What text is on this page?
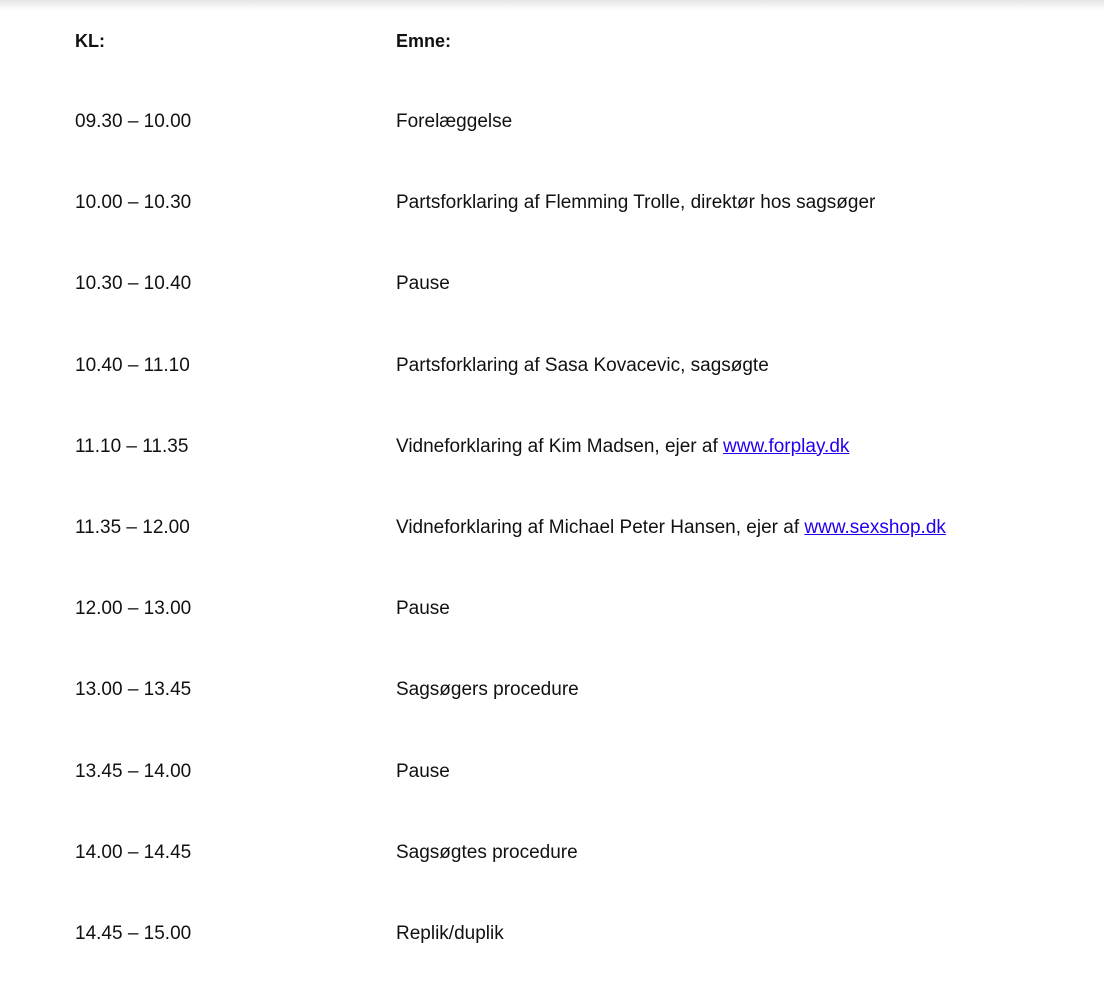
KL:	Emne:
09.30 – 10.00	Forelæggelse
10.00 – 10.30	Partsforklaring af Flemming Trolle, direktør hos sagsøger
10.30 – 10.40	Pause
10.40 – 11.10	Partsforklaring af Sasa Kovacevic, sagsøgte
11.10 – 11.35	Vidneforklaring af Kim Madsen, ejer af www.forplay.dk
11.35 – 12.00	Vidneforklaring af Michael Peter Hansen, ejer af www.sexshop.dk
12.00 – 13.00	Pause
13.00 – 13.45	Sagsøgers procedure
13.45 – 14.00	Pause
14.00 – 14.45	Sagsøgtes procedure
14.45 – 15.00	Replik/duplik
